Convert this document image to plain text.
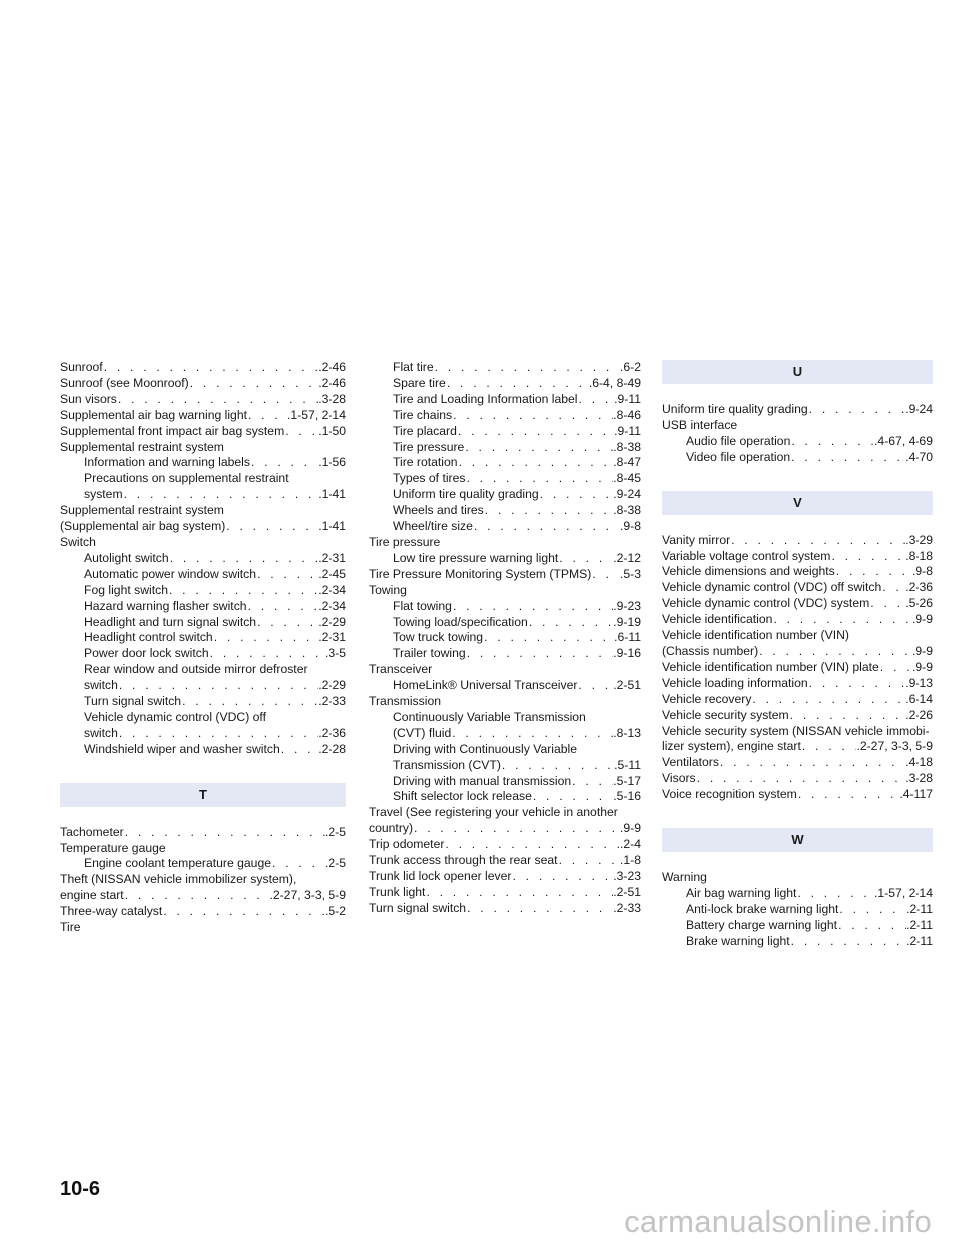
Sunroof . . .	.2-46
Sunroof (see Moonroof) . . .	.2-46
Sun visors . . .	.3-28
Supplemental air bag warning light . . .	.1-57, 2-14
Supplemental front impact air bag system . . .	.1-50
Supplemental restraint system
Information and warning labels . . .	.1-56
Precautions on supplemental restraint
system . . .	.1-41
Supplemental restraint system
(Supplemental air bag system) . . .	.1-41
Switch
Autolight switch . . .	.2-31
Automatic power window switch . . .	.2-45
Fog light switch . . .	.2-34
Hazard warning flasher switch . . .	.2-34
Headlight and turn signal switch . . .	.2-29
Headlight control switch . . .	.2-31
Power door lock switch . . .	.3-5
Rear window and outside mirror defroster
switch . . .	.2-29
Turn signal switch . . .	.2-33
Vehicle dynamic control (VDC) off
switch . . .	.2-36
Windshield wiper and washer switch . . .	.2-28
T
Tachometer . . .	.2-5
Temperature gauge
Engine coolant temperature gauge . . .	.2-5
Theft (NISSAN vehicle immobilizer system),
engine start . . .	.2-27, 3-3, 5-9
Three-way catalyst . . .	.5-2
Tire
Flat tire . . .	.6-2
Spare tire . . .	.6-4, 8-49
Tire and Loading Information label . . .	.9-11
Tire chains . . .	.8-46
Tire placard . . .	.9-11
Tire pressure . . .	.8-38
Tire rotation . . .	.8-47
Types of tires . . .	.8-45
Uniform tire quality grading . . .	.9-24
Wheels and tires . . .	.8-38
Wheel/tire size . . .	.9-8
Tire pressure
Low tire pressure warning light . . .	.2-12
Tire Pressure Monitoring System (TPMS) . . . .5-3
Towing
Flat towing . . .	.9-23
Towing load/specification . . .	.9-19
Tow truck towing . . .	.6-11
Trailer towing . . .	.9-16
Transceiver
HomeLink® Universal Transceiver . . .	.2-51
Transmission
Continuously Variable Transmission
(CVT) fluid . . .	.8-13
Driving with Continuously Variable
Transmission (CVT) . . .	.5-11
Driving with manual transmission . . .	.5-17
Shift selector lock release . . .	.5-16
Travel (See registering your vehicle in another
country) . . .	.9-9
Trip odometer . . .	.2-4
Trunk access through the rear seat . . .	.1-8
Trunk lid lock opener lever . . .	.3-23
Trunk light . . .	.2-51
Turn signal switch . . .	.2-33
U
Uniform tire quality grading . . .	.9-24
USB interface
Audio file operation . . .	.4-67, 4-69
Video file operation . . .	.4-70
V
Vanity mirror . . .	.3-29
Variable voltage control system . . .	.8-18
Vehicle dimensions and weights . . .	.9-8
Vehicle dynamic control (VDC) off switch . . . .2-36
Vehicle dynamic control (VDC) system . . .	.5-26
Vehicle identification . . .	.9-9
Vehicle identification number (VIN)
(Chassis number) . . .	.9-9
Vehicle identification number (VIN) plate . . .	.9-9
Vehicle loading information . . .	.9-13
Vehicle recovery . . .	.6-14
Vehicle security system . . .	.2-26
Vehicle security system (NISSAN vehicle immobi-
lizer system), engine start . . .	.2-27, 3-3, 5-9
Ventilators . . .	.4-18
Visors . . .	.3-28
Voice recognition system . . .	.4-117
W
Warning
Air bag warning light . . .	.1-57, 2-14
Anti-lock brake warning light . . .	.2-11
Battery charge warning light . . .	.2-11
Brake warning light . . .	.2-11
10-6
carmanualsonline.info
